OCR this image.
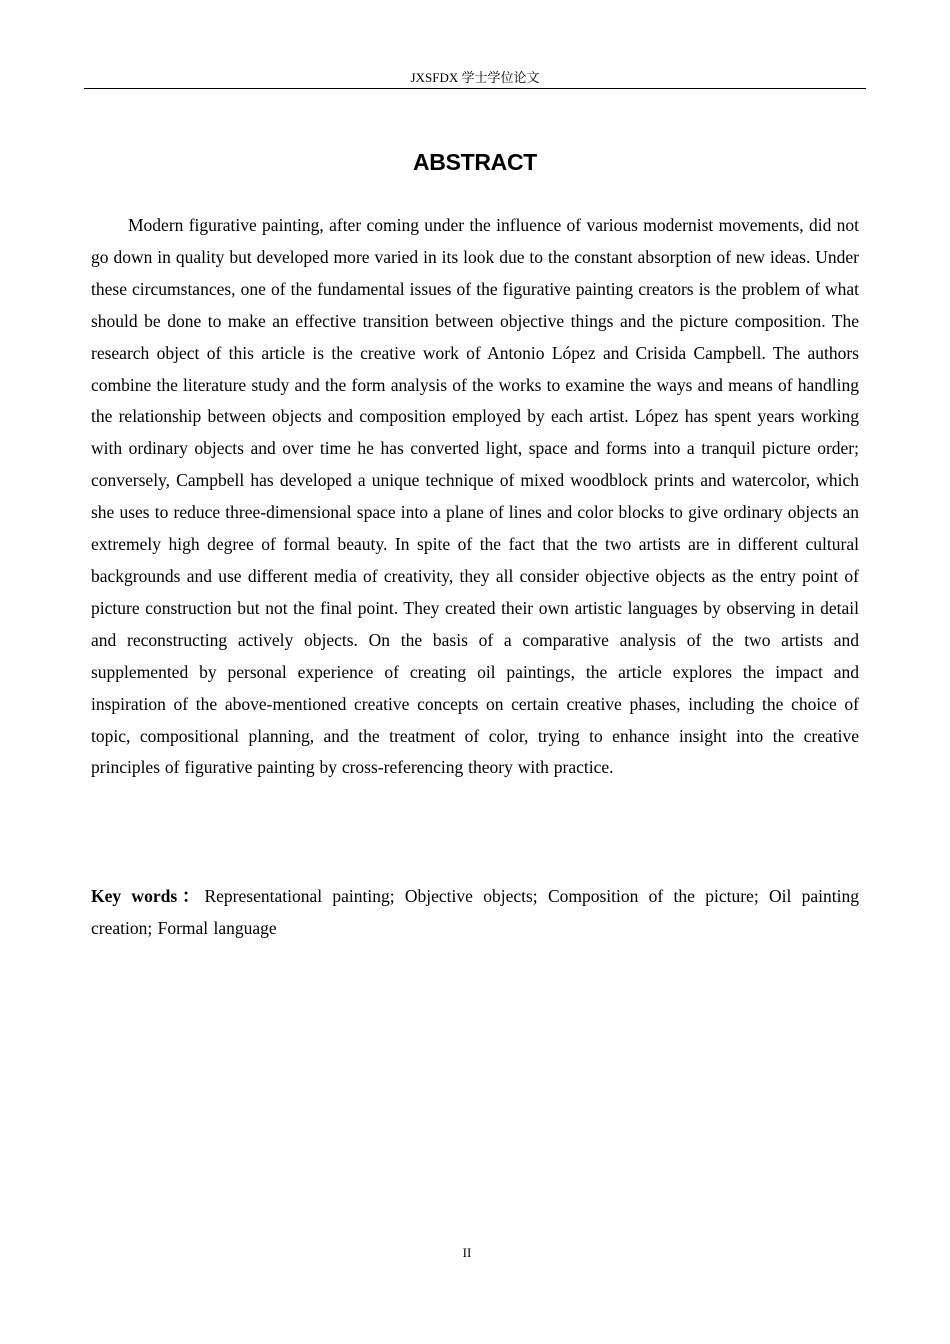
JXSFDX 学士学位论文
ABSTRACT

Modern figurative painting, after coming under the influence of various modernist movements, did not go down in quality but developed more varied in its look due to the constant absorption of new ideas. Under these circumstances, one of the fundamental issues of the figurative painting creators is the problem of what should be done to make an effective transition between objective things and the picture composition. The research object of this article is the creative work of Antonio López and Crisida Campbell. The authors combine the literature study and the form analysis of the works to examine the ways and means of handling the relationship between objects and composition employed by each artist. López has spent years working with ordinary objects and over time he has converted light, space and forms into a tranquil picture order; conversely, Campbell has developed a unique technique of mixed woodblock prints and watercolor, which she uses to reduce three-dimensional space into a plane of lines and color blocks to give ordinary objects an extremely high degree of formal beauty. In spite of the fact that the two artists are in different cultural backgrounds and use different media of creativity, they all consider objective objects as the entry point of picture construction but not the final point. They created their own artistic languages by observing in detail and reconstructing actively objects. On the basis of a comparative analysis of the two artists and supplemented by personal experience of creating oil paintings, the article explores the impact and inspiration of the above-mentioned creative concepts on certain creative phases, including the choice of topic, compositional planning, and the treatment of color, trying to enhance insight into the creative principles of figurative painting by cross-referencing theory with practice.

Key words：Representational painting; Objective objects; Composition of the picture; Oil painting creation; Formal language

II
